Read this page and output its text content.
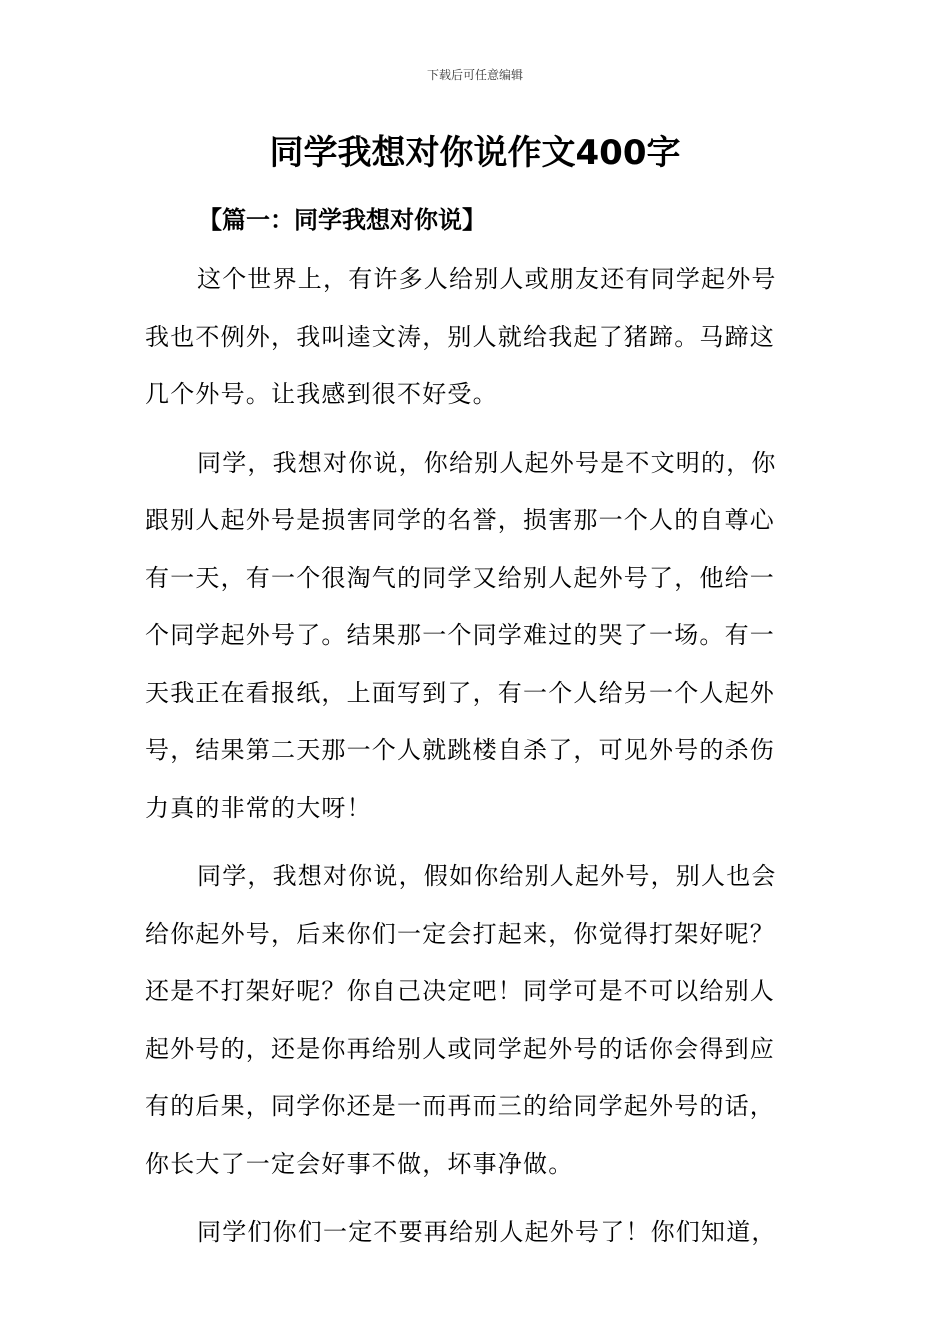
下载后可任意编辑
同学我想对你说作文400字
【篇一：同学我想对你说】

这个世界上，有许多人给别人或朋友还有同学起外号
我也不例外，我叫逵文涛，别人就给我起了猪蹄。马蹄这
几个外号。让我感到很不好受。

同学，我想对你说，你给别人起外号是不文明的，你
跟别人起外号是损害同学的名誉，损害那一个人的自尊心
有一天，有一个很淘气的同学又给别人起外号了，他给一
个同学起外号了。结果那一个同学难过的哭了一场。有一
天我正在看报纸，上面写到了，有一个人给另一个人起外
号，结果第二天那一个人就跳楼自杀了，可见外号的杀伤
力真的非常的大呀！

同学，我想对你说，假如你给别人起外号，别人也会
给你起外号，后来你们一定会打起来，你觉得打架好呢？
还是不打架好呢？你自己决定吧！同学可是不可以给别人
起外号的，还是你再给别人或同学起外号的话你会得到应
有的后果，同学你还是一而再而三的给同学起外号的话，
你长大了一定会好事不做，坏事净做。

同学们你们一定不要再给别人起外号了！你们知道，
